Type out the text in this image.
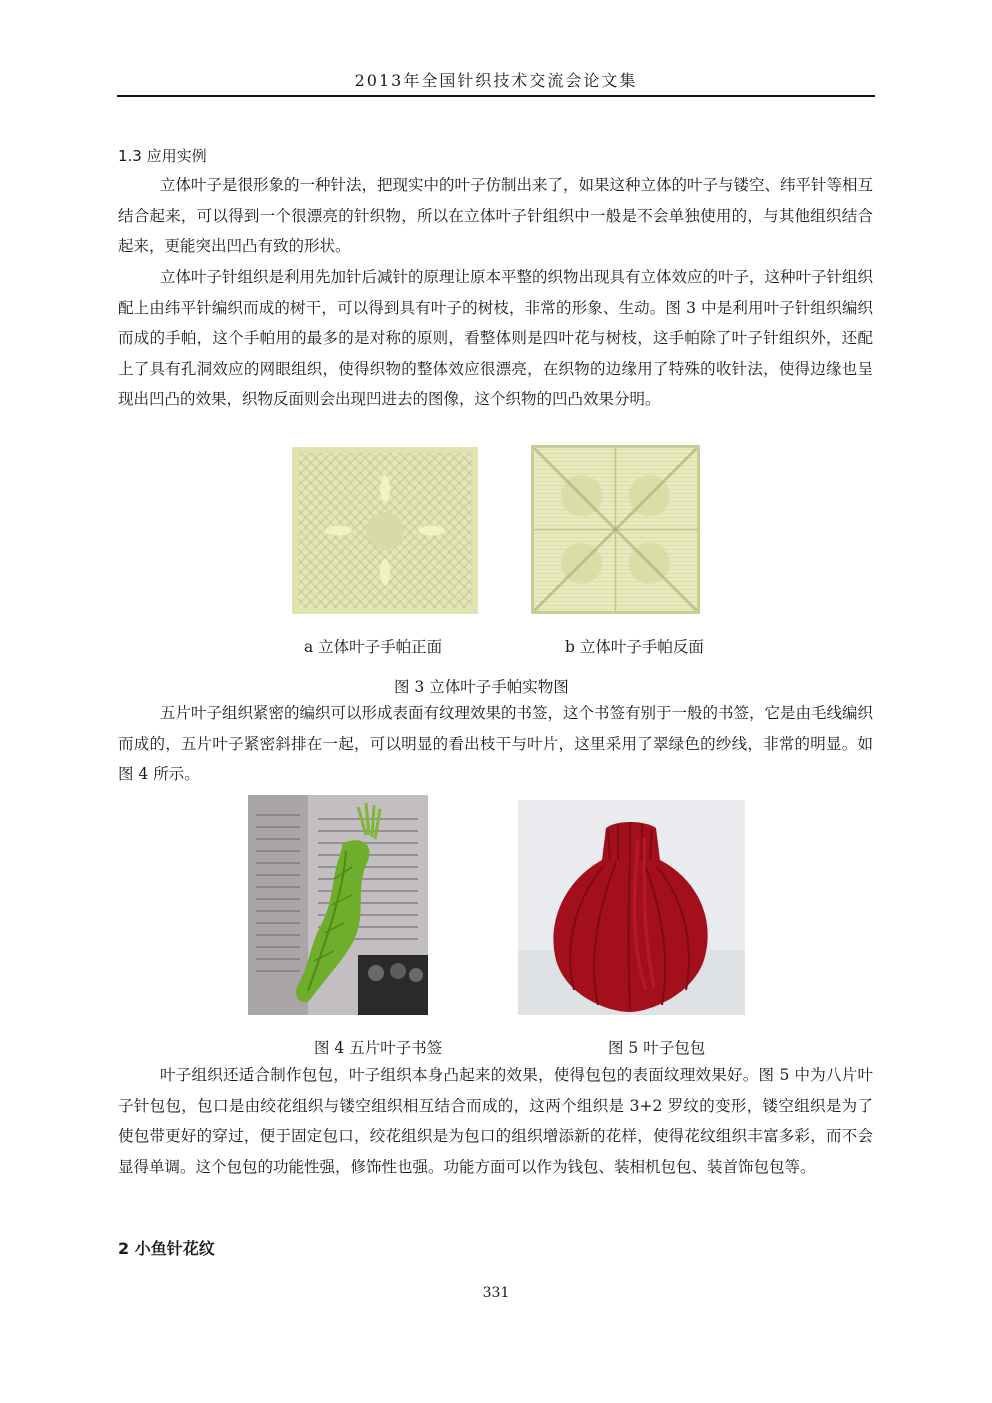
2013年全国针织技术交流会论文集
1.3 应用实例

立体叶子是很形象的一种针法，把现实中的叶子仿制出来了，如果这种立体的叶子与镂空、纬平针等相互结合起来，可以得到一个很漂亮的针织物，所以在立体叶子针组织中一般是不会单独使用的，与其他组织结合起来，更能突出凹凸有致的形状。

立体叶子针组织是利用先加针后减针的原理让原本平整的织物出现具有立体效应的叶子，这种叶子针组织配上由纬平针编织而成的树干，可以得到具有叶子的树枝，非常的形象、生动。图 3 中是利用叶子针组织编织而成的手帕，这个手帕用的最多的是对称的原则，看整体则是四叶花与树枝，这手帕除了叶子针组织外，还配上了具有孔洞效应的网眼组织，使得织物的整体效应很漂亮，在织物的边缘用了特殊的收针法，使得边缘也呈现出凹凸的效果，织物反面则会出现凹进去的图像，这个织物的凹凸效果分明。

a 立体叶子手帕正面	b 立体叶子手帕反面
图 3 立体叶子手帕实物图

五片叶子组织紧密的编织可以形成表面有纹理效果的书签，这个书签有别于一般的书签，它是由毛线编织而成的，五片叶子紧密斜排在一起，可以明显的看出枝干与叶片，这里采用了翠绿色的纱线，非常的明显。如图 4 所示。

图 4 五片叶子书签	图 5 叶子包包

叶子组织还适合制作包包，叶子组织本身凸起来的效果，使得包包的表面纹理效果好。图 5 中为八片叶子针包包，包口是由绞花组织与镂空组织相互结合而成的，这两个组织是 3+2 罗纹的变形，镂空组织是为了使包带更好的穿过，便于固定包口，绞花组织是为包口的组织增添新的花样，使得花纹组织丰富多彩，而不会显得单调。这个包包的功能性强，修饰性也强。功能方面可以作为钱包、装相机包包、装首饰包包等。

2 小鱼针花纹
331
